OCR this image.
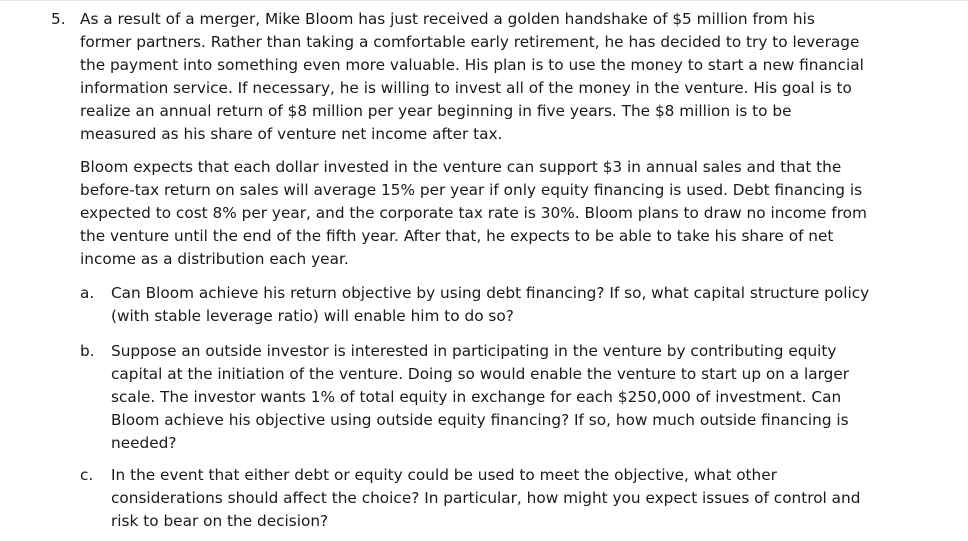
5. As a result of a merger, Mike Bloom has just received a golden handshake of $5 million from his former partners. Rather than taking a comfortable early retirement, he has decided to try to leverage the payment into something even more valuable. His plan is to use the money to start a new financial information service. If necessary, he is willing to invest all of the money in the venture. His goal is to realize an annual return of $8 million per year beginning in five years. The $8 million is to be measured as his share of venture net income after tax.

Bloom expects that each dollar invested in the venture can support $3 in annual sales and that the before-tax return on sales will average 15% per year if only equity financing is used. Debt financing is expected to cost 8% per year, and the corporate tax rate is 30%. Bloom plans to draw no income from the venture until the end of the fifth year. After that, he expects to be able to take his share of net income as a distribution each year.

a. Can Bloom achieve his return objective by using debt financing? If so, what capital structure policy (with stable leverage ratio) will enable him to do so?

b. Suppose an outside investor is interested in participating in the venture by contributing equity capital at the initiation of the venture. Doing so would enable the venture to start up on a larger scale. The investor wants 1% of total equity in exchange for each $250,000 of investment. Can Bloom achieve his objective using outside equity financing? If so, how much outside financing is needed?

c. In the event that either debt or equity could be used to meet the objective, what other considerations should affect the choice? In particular, how might you expect issues of control and risk to bear on the decision?
